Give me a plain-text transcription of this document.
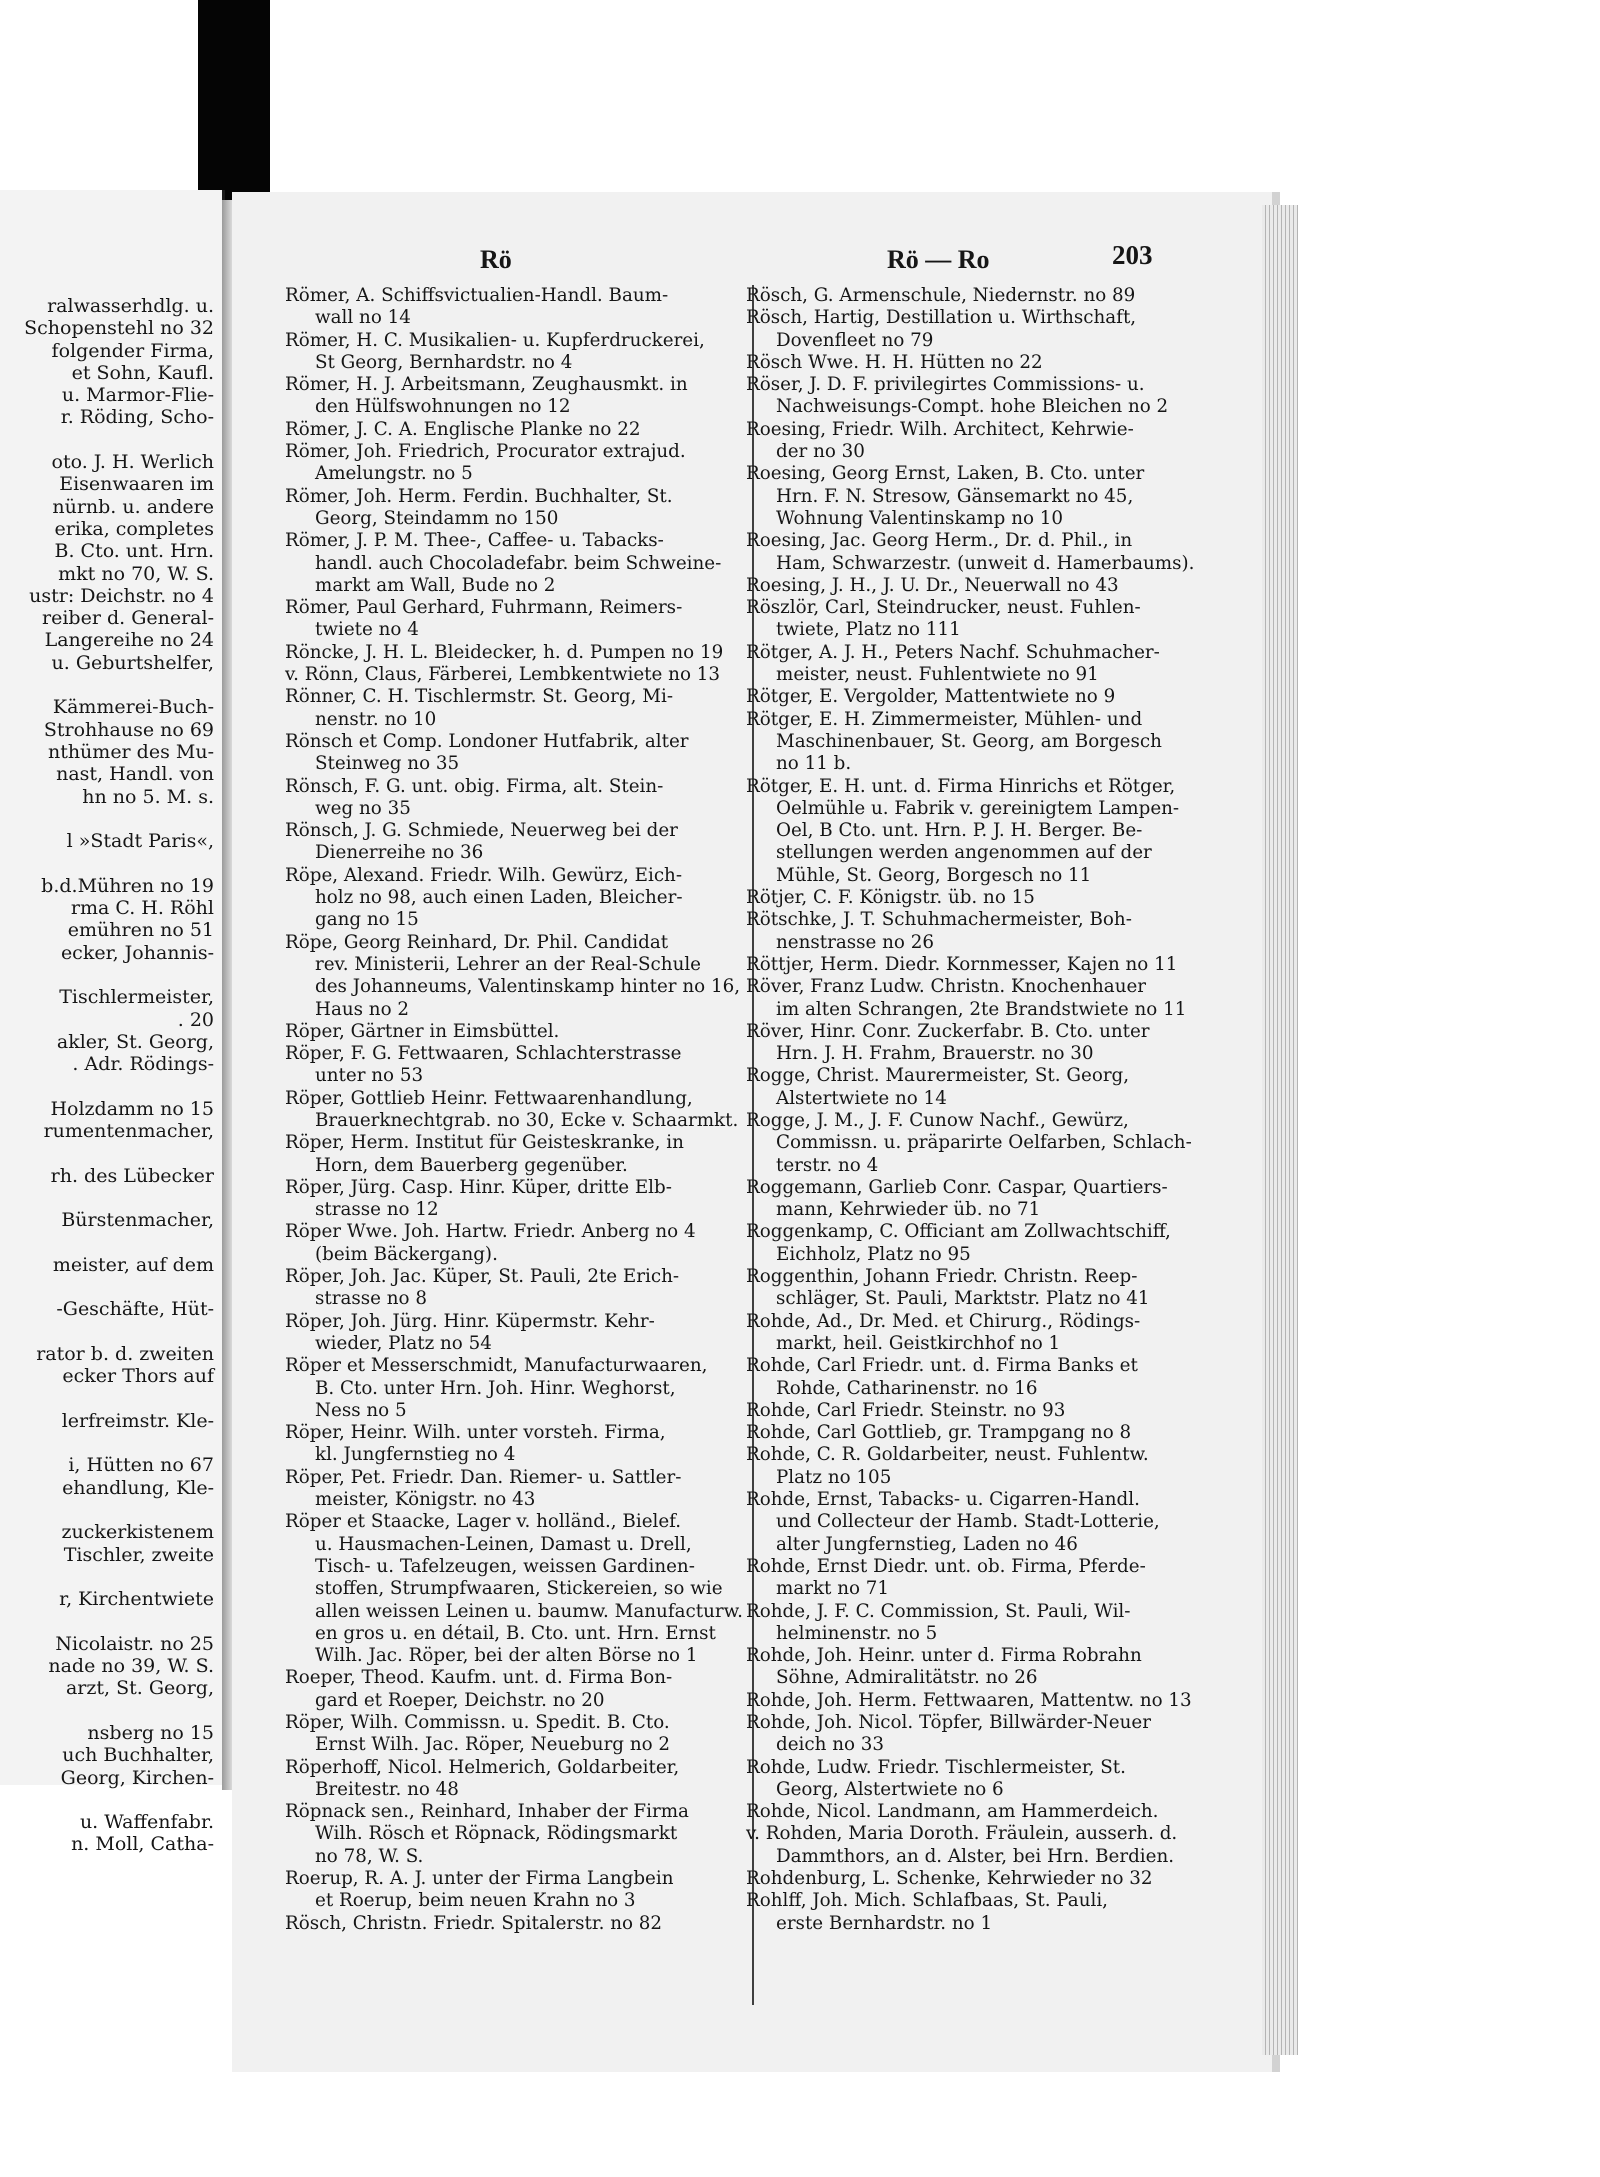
ralwasserhdlg. u.
Schopenstehl no 32
folgender Firma,
et Sohn, Kaufl.
u. Marmor-Flie-
r. Röding, Scho-

oto. J. H. Werlich
Eisenwaaren im
nürnb. u. andere
erika, completes
B. Cto. unt. Hrn.
mkt no 70, W. S.
ustr: Deichstr. no 4
reiber d. General-
Langereihe no 24
u. Geburtshelfer,

Kämmerei-Buch-
Strohhause no 69
nthümer des Mu-
nast, Handl. von
hn no 5. M. s.

l »Stadt Paris«,

b.d.Mühren no 19
rma C. H. Röhl
emühren no 51
ecker, Johannis-

Tischlermeister,
. 20
akler, St. Georg,
. Adr. Rödings-

Holzdamm no 15
rumentenmacher,

rh. des Lübecker

Bürstenmacher,

meister, auf dem

-Geschäfte, Hüt-

rator b. d. zweiten
ecker Thors auf

lerfreimstr. Kle-

i, Hütten no 67
ehandlung, Kle-

zuckerkistenem
Tischler, zweite

r, Kirchentwiete

Nicolaistr. no 25
nade no 39, W. S.
arzt, St. Georg,

nsberg no 15
uch Buchhalter,
Georg, Kirchen-

u. Waffenfabr.
n. Moll, Catha-
Rö	Rö — Ro	203
Römer, A. Schiffsvictualien-Handl. Baum-
wall no 14
Römer, H. C. Musikalien- u. Kupferdruckerei,
St Georg, Bernhardstr. no 4
Römer, H. J. Arbeitsmann, Zeughausmkt. in
den Hülfswohnungen no 12
Römer, J. C. A. Englische Planke no 22
Römer, Joh. Friedrich, Procurator extrajud.
Amelungstr. no 5
Römer, Joh. Herm. Ferdin. Buchhalter, St.
Georg, Steindamm no 150
Römer, J. P. M. Thee-, Caffee- u. Tabacks-
handl. auch Chocoladefabr. beim Schweine-
markt am Wall, Bude no 2
Römer, Paul Gerhard, Fuhrmann, Reimers-
twiete no 4
Röncke, J. H. L. Bleidecker, h. d. Pumpen no 19
v. Rönn, Claus, Färberei, Lembkentwiete no 13
Rönner, C. H. Tischlermstr. St. Georg, Mi-
nenstr. no 10
Rönsch et Comp. Londoner Hutfabrik, alter
Steinweg no 35
Rönsch, F. G. unt. obig. Firma, alt. Stein-
weg no 35
Rönsch, J. G. Schmiede, Neuerweg bei der
Dienerreihe no 36
Röpe, Alexand. Friedr. Wilh. Gewürz, Eich-
holz no 98, auch einen Laden, Bleicher-
gang no 15
Röpe, Georg Reinhard, Dr. Phil. Candidat
rev. Ministerii, Lehrer an der Real-Schule
des Johanneums, Valentinskamp hinter no 16,
Haus no 2
Röper, Gärtner in Eimsbüttel.
Röper, F. G. Fettwaaren, Schlachterstrasse
unter no 53
Röper, Gottlieb Heinr. Fettwaarenhandlung,
Brauerknechtgrab. no 30, Ecke v. Schaarmkt.
Röper, Herm. Institut für Geisteskranke, in
Horn, dem Bauerberg gegenüber.
Röper, Jürg. Casp. Hinr. Küper, dritte Elb-
strasse no 12
Röper Wwe. Joh. Hartw. Friedr. Anberg no 4
(beim Bäckergang).
Röper, Joh. Jac. Küper, St. Pauli, 2te Erich-
strasse no 8
Röper, Joh. Jürg. Hinr. Küpermstr. Kehr-
wieder, Platz no 54
Röper et Messerschmidt, Manufacturwaaren,
B. Cto. unter Hrn. Joh. Hinr. Weghorst,
Ness no 5
Röper, Heinr. Wilh. unter vorsteh. Firma,
kl. Jungfernstieg no 4
Röper, Pet. Friedr. Dan. Riemer- u. Sattler-
meister, Königstr. no 43
Röper et Staacke, Lager v. holländ., Bielef.
u. Hausmachen-Leinen, Damast u. Drell,
Tisch- u. Tafelzeugen, weissen Gardinen-
stoffen, Strumpfwaaren, Stickereien, so wie
allen weissen Leinen u. baumw. Manufacturw.
en gros u. en détail, B. Cto. unt. Hrn. Ernst
Wilh. Jac. Röper, bei der alten Börse no 1
Roeper, Theod. Kaufm. unt. d. Firma Bon-
gard et Roeper, Deichstr. no 20
Röper, Wilh. Commissn. u. Spedit. B. Cto.
Ernst Wilh. Jac. Röper, Neueburg no 2
Röperhoff, Nicol. Helmerich, Goldarbeiter,
Breitestr. no 48
Röpnack sen., Reinhard, Inhaber der Firma
Wilh. Rösch et Röpnack, Rödingsmarkt
no 78, W. S.
Roerup, R. A. J. unter der Firma Langbein
et Roerup, beim neuen Krahn no 3
Rösch, Christn. Friedr. Spitalerstr. no 82
Rösch, G. Armenschule, Niedernstr. no 89
Rösch, Hartig, Destillation u. Wirthschaft,
Dovenfleet no 79
Rösch Wwe. H. H. Hütten no 22
Röser, J. D. F. privilegirtes Commissions- u.
Nachweisungs-Compt. hohe Bleichen no 2
Roesing, Friedr. Wilh. Architect, Kehrwie-
der no 30
Roesing, Georg Ernst, Laken, B. Cto. unter
Hrn. F. N. Stresow, Gänsemarkt no 45,
Wohnung Valentinskamp no 10
Roesing, Jac. Georg Herm., Dr. d. Phil., in
Ham, Schwarzestr. (unweit d. Hamerbaums).
Roesing, J. H., J. U. Dr., Neuerwall no 43
Röszlör, Carl, Steindrucker, neust. Fuhlen-
twiete, Platz no 111
Rötger, A. J. H., Peters Nachf. Schuhmacher-
meister, neust. Fuhlentwiete no 91
Rötger, E. Vergolder, Mattentwiete no 9
Rötger, E. H. Zimmermeister, Mühlen- und
Maschinenbauer, St. Georg, am Borgesch
no 11 b.
Rötger, E. H. unt. d. Firma Hinrichs et Rötger,
Oelmühle u. Fabrik v. gereinigtem Lampen-
Oel, B Cto. unt. Hrn. P. J. H. Berger. Be-
stellungen werden angenommen auf der
Mühle, St. Georg, Borgesch no 11
Rötjer, C. F. Königstr. üb. no 15
Rötschke, J. T. Schuhmachermeister, Boh-
nenstrasse no 26
Röttjer, Herm. Diedr. Kornmesser, Kajen no 11
Röver, Franz Ludw. Christn. Knochenhauer
im alten Schrangen, 2te Brandstwiete no 11
Röver, Hinr. Conr. Zuckerfabr. B. Cto. unter
Hrn. J. H. Frahm, Brauerstr. no 30
Rogge, Christ. Maurermeister, St. Georg,
Alstertwiete no 14
Rogge, J. M., J. F. Cunow Nachf., Gewürz,
Commissn. u. präparirte Oelfarben, Schlach-
terstr. no 4
Roggemann, Garlieb Conr. Caspar, Quartiers-
mann, Kehrwieder üb. no 71
Roggenkamp, C. Officiant am Zollwachtschiff,
Eichholz, Platz no 95
Roggenthin, Johann Friedr. Christn. Reep-
schläger, St. Pauli, Marktstr. Platz no 41
Rohde, Ad., Dr. Med. et Chirurg., Rödings-
markt, heil. Geistkirchhof no 1
Rohde, Carl Friedr. unt. d. Firma Banks et
Rohde, Catharinenstr. no 16
Rohde, Carl Friedr. Steinstr. no 93
Rohde, Carl Gottlieb, gr. Trampgang no 8
Rohde, C. R. Goldarbeiter, neust. Fuhlentw.
Platz no 105
Rohde, Ernst, Tabacks- u. Cigarren-Handl.
und Collecteur der Hamb. Stadt-Lotterie,
alter Jungfernstieg, Laden no 46
Rohde, Ernst Diedr. unt. ob. Firma, Pferde-
markt no 71
Rohde, J. F. C. Commission, St. Pauli, Wil-
helminenstr. no 5
Rohde, Joh. Heinr. unter d. Firma Robrahn
Söhne, Admiralitätstr. no 26
Rohde, Joh. Herm. Fettwaaren, Mattentw. no 13
Rohde, Joh. Nicol. Töpfer, Billwärder-Neuer
deich no 33
Rohde, Ludw. Friedr. Tischlermeister, St.
Georg, Alstertwiete no 6
Rohde, Nicol. Landmann, am Hammerdeich.
v. Rohden, Maria Doroth. Fräulein, ausserh. d.
Dammthors, an d. Alster, bei Hrn. Berdien.
Rohdenburg, L. Schenke, Kehrwieder no 32
Rohlff, Joh. Mich. Schlafbaas, St. Pauli,
erste Bernhardstr. no 1
